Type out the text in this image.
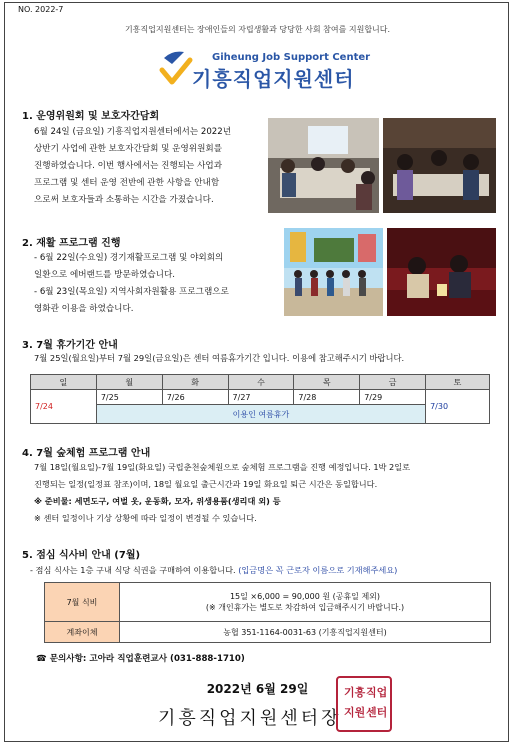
NO. 2022-7
기흥직업지원센터는 장애인들의 자립생활과 당당한 사회 참여를 지원합니다.
Giheung Job Support Center
기흥직업지원센터
1. 운영위원회 및 보호자간담회
6월 24일 (금요일) 기흥직업지원센터에서는 2022년
상반기 사업에 관한 보호자간담회 및 운영위원회를
진행하였습니다. 이번 행사에서는 진행되는 사업과
프로그램 및 센터 운영 전반에 관한 사항을 안내함
으로써 보호자들과 소통하는 시간을 가졌습니다.
2. 재활 프로그램 진행
- 6월 22일(수요일) 경기재활프로그램 및 야외회의
일환으로 에버랜드를 방문하였습니다.
- 6월 23일(목요일) 지역사회자원활용 프로그램으로
영화관 이용을 하였습니다.
3. 7월 휴가기간 안내
7월 25일(월요일)부터 7월 29일(금요일)은 센터 여름휴가기간 입니다. 이용에 참고해주시기 바랍니다.
일	월	화	수	목	금	토
7/24	7/25	7/26	7/27	7/28	7/29	7/30
	이용인 여름휴가					
4. 7월 숲체험 프로그램 안내
7월 18일(월요일)-7월 19일(화요일) 국립춘천숲체원으로 숲체험 프로그램을 진행 예정입니다. 1박 2일로
진행되는 일정(일정표 참조)이며, 18일 월요일 출근시간과 19일 화요일 퇴근 시간은 동일합니다.
※ 준비물: 세면도구, 여벌 옷, 운동화, 모자, 위생용품(생리대 외) 등
※ 센터 일정이나 기상 상황에 따라 일정이 변경될 수 있습니다.
5. 점심 식사비 안내 (7월)
- 점심 식사는 1층 구내 식당 식권을 구매하여 이용합니다. (입금명은 꼭 근로자 이름으로 기재해주세요)
7월 식비	15일 ×6,000 = 90,000 원 (공휴일 제외)
(※ 개인휴가는 별도로 차감하여 입금해주시기 바랍니다.)

계좌이체	농협 351-1164-0031-63 (기흥직업지원센터)
☎ 문의사항: 고아라 직업훈련교사 (031-888-1710)
2022년 6월 29일
기흥직업지원센터장
기흥 직업
지원 센터
